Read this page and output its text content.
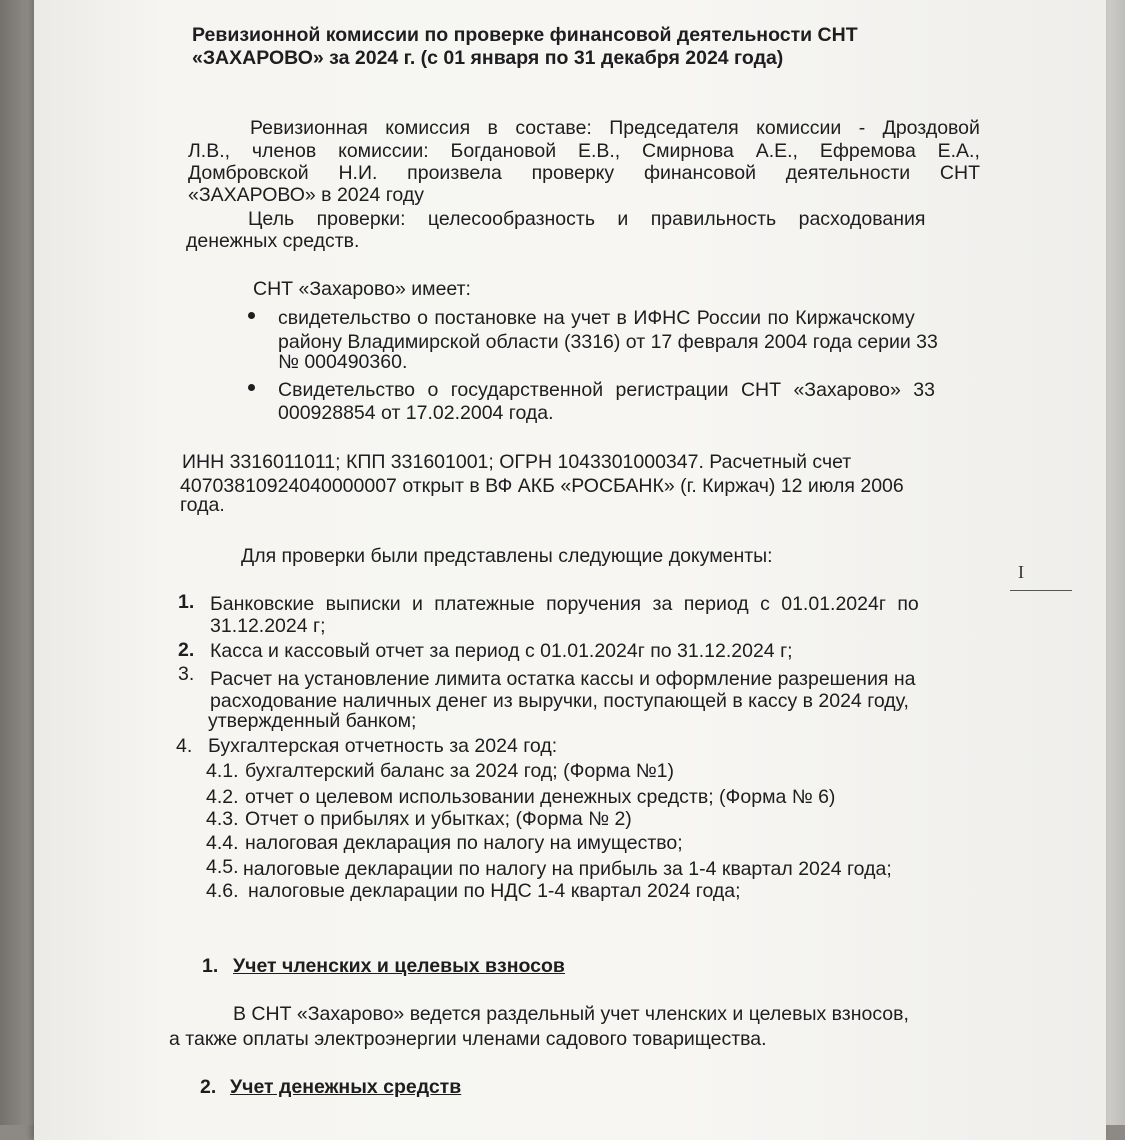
Ревизионной комиссии по проверке финансовой деятельности СНТ

«ЗАХАРОВО» за 2024 г. (с 01 января по 31 декабря 2024 года)

Ревизионная комиссия в составе: Председателя комиссии - Дроздовой

Л.В., членов комиссии: Богдановой Е.В., Смирнова А.Е., Ефремова Е.А.,

Домбровской Н.И. произвела проверку финансовой деятельности СНТ

«ЗАХАРОВО» в 2024 году

Цель проверки: целесообразность и правильность расходования

денежных средств.

СНТ «Захарово» имеет:

свидетельство о постановке на учет в ИФНС России по Киржачскому

району Владимирской области (3316) от 17 февраля 2004 года серии 33

№ 000490360.

Свидетельство о государственной регистрации СНТ «Захарово» 33

000928854 от 17.02.2004 года.

ИНН 3316011011; КПП 331601001; ОГРН 1043301000347. Расчетный счет

40703810924040000007 открыт в ВФ АКБ «РОСБАНК» (г. Киржач) 12 июля 2006

года.

Для проверки были представлены следующие документы:

1. Банковские выписки и платежные поручения за период с 01.01.2024г по

31.12.2024 г;

2. Касса и кассовый отчет за период с 01.01.2024г по 31.12.2024 г;

3. Расчет на установление лимита остатка кассы и оформление разрешения на

расходование наличных денег из выручки, поступающей в кассу в 2024 году,

утвержденный банком;

4. Бухгалтерская отчетность за 2024 год:

4.1. бухгалтерский баланс за 2024 год; (Форма №1)

4.2. отчет о целевом использовании денежных средств; (Форма № 6)

4.3. Отчет о прибылях и убытках; (Форма № 2)

4.4. налоговая декларация по налогу на имущество;

4.5. налоговые декларации по налогу на прибыль за 1-4 квартал 2024 года;

4.6. налоговые декларации по НДС 1-4 квартал 2024 года;

1. Учет членских и целевых взносов

В СНТ «Захарово» ведется раздельный учет членских и целевых взносов,

а также оплаты электроэнергии членами садового товарищества.

2. Учет денежных средств

I
